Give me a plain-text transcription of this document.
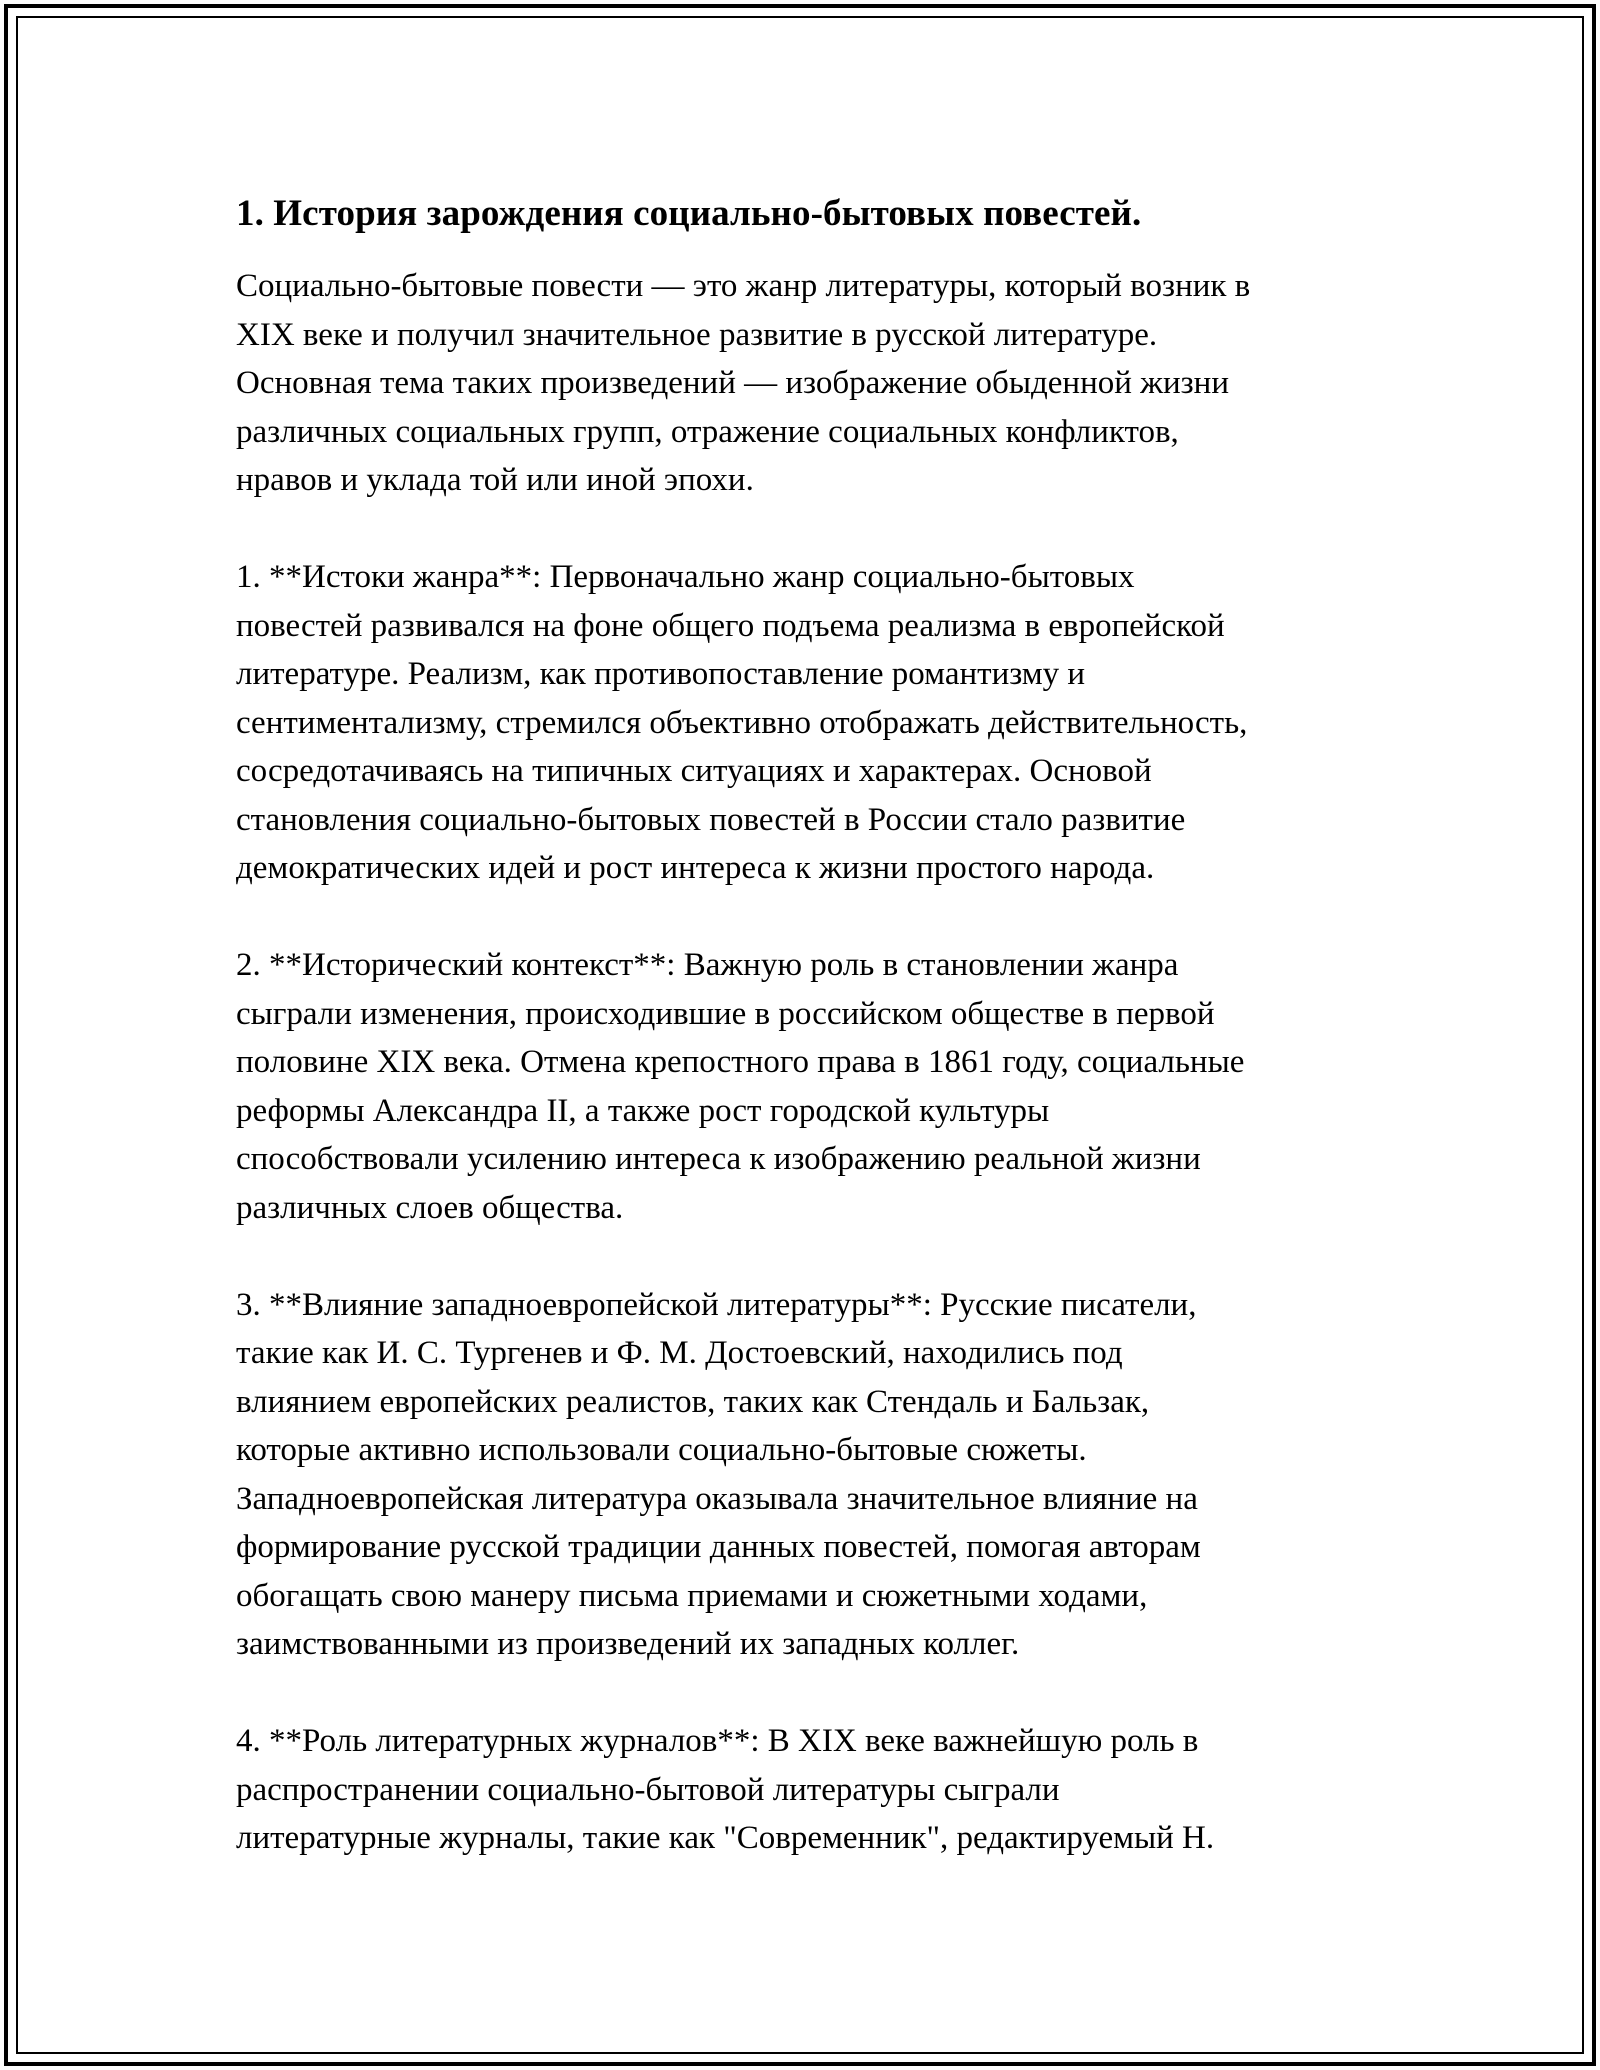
1. История зарождения социально-бытовых повестей.

Социально-бытовые повести — это жанр литературы, который возник в
XIX веке и получил значительное развитие в русской литературе.
Основная тема таких произведений — изображение обыденной жизни
различных социальных групп, отражение социальных конфликтов,
нравов и уклада той или иной эпохи.

1. **Истоки жанра**: Первоначально жанр социально-бытовых
повестей развивался на фоне общего подъема реализма в европейской
литературе. Реализм, как противопоставление романтизму и
сентиментализму, стремился объективно отображать действительность,
сосредотачиваясь на типичных ситуациях и характерах. Основой
становления социально-бытовых повестей в России стало развитие
демократических идей и рост интереса к жизни простого народа.

2. **Исторический контекст**: Важную роль в становлении жанра
сыграли изменения, происходившие в российском обществе в первой
половине XIX века. Отмена крепостного права в 1861 году, социальные
реформы Александра II, а также рост городской культуры
способствовали усилению интереса к изображению реальной жизни
различных слоев общества.

3. **Влияние западноевропейской литературы**: Русские писатели,
такие как И. С. Тургенев и Ф. М. Достоевский, находились под
влиянием европейских реалистов, таких как Стендаль и Бальзак,
которые активно использовали социально-бытовые сюжеты.
Западноевропейская литература оказывала значительное влияние на
формирование русской традиции данных повестей, помогая авторам
обогащать свою манеру письма приемами и сюжетными ходами,
заимствованными из произведений их западных коллег.

4. **Роль литературных журналов**: В XIX веке важнейшую роль в
распространении социально-бытовой литературы сыграли
литературные журналы, такие как "Современник", редактируемый Н.
